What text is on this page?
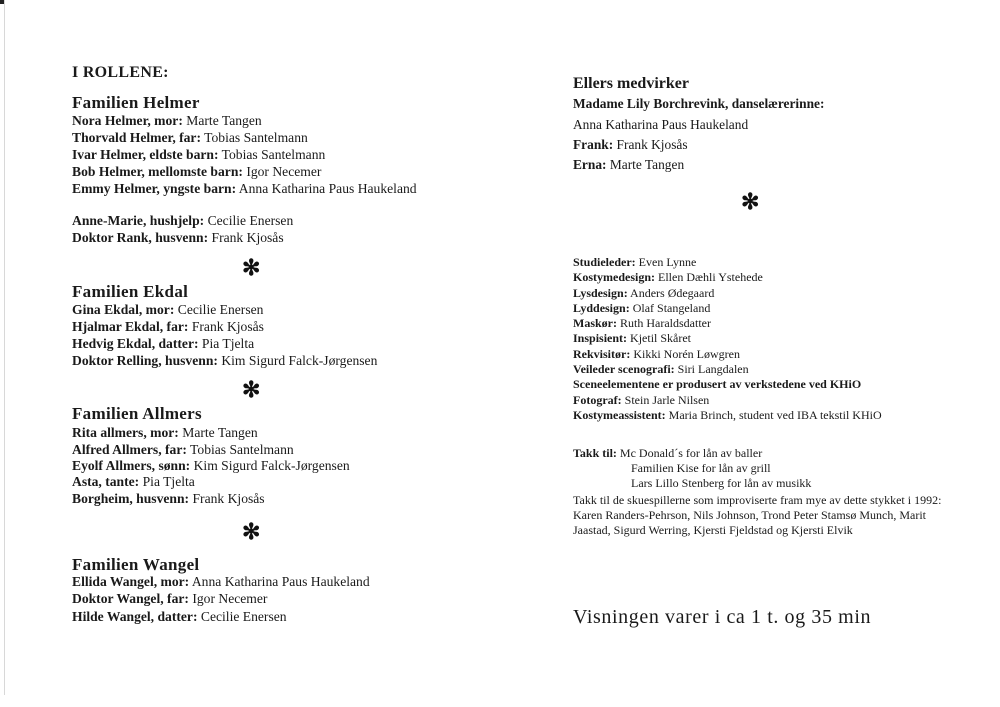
I ROLLENE:
Familien Helmer
Nora Helmer, mor: Marte Tangen
Thorvald Helmer, far: Tobias Santelmann
Ivar Helmer, eldste barn: Tobias Santelmann
Bob Helmer, mellomste barn: Igor Necemer
Emmy Helmer, yngste barn: Anna Katharina Paus Haukeland
Anne-Marie, hushjelp: Cecilie Enersen
Doktor Rank, husvenn: Frank Kjosås
✻
Familien Ekdal
Gina Ekdal, mor: Cecilie Enersen
Hjalmar Ekdal, far: Frank Kjosås
Hedvig Ekdal, datter: Pia Tjelta
Doktor Relling, husvenn: Kim Sigurd Falck-Jørgensen
✻
Familien Allmers
Rita allmers, mor: Marte Tangen
Alfred Allmers, far: Tobias Santelmann
Eyolf Allmers, sønn: Kim Sigurd Falck-Jørgensen
Asta, tante: Pia Tjelta
Borgheim, husvenn: Frank Kjosås
✻
Familien Wangel
Ellida Wangel, mor: Anna Katharina Paus Haukeland
Doktor Wangel, far: Igor Necemer
Hilde Wangel, datter: Cecilie Enersen
Ellers medvirker
Madame Lily Borchrevink, danselærerinne:
Anna Katharina Paus Haukeland
Frank: Frank Kjosås
Erna: Marte Tangen
✻
Studieleder: Even Lynne
Kostymedesign: Ellen Dæhli Ystehede
Lysdesign: Anders Ødegaard
Lyddesign: Olaf Stangeland
Maskør: Ruth Haraldsdatter
Inspisient: Kjetil Skåret
Rekvisitør: Kikki Norén Løwgren
Veileder scenografi: Siri Langdalen
Sceneelementene er produsert av verkstedene ved KHiO
Fotograf: Stein Jarle Nilsen
Kostymeassistent: Maria Brinch, student ved IBA tekstil KHiO
Takk til: Mc Donald´s for lån av baller
Familien Kise for lån av grill
Lars Lillo Stenberg for lån av musikk
Takk til de skuespillerne som improviserte fram mye av dette stykket i 1992: Karen Randers-Pehrson, Nils Johnson, Trond Peter Stamsø Munch, Marit Jaastad, Sigurd Werring, Kjersti Fjeldstad og Kjersti Elvik
Visningen varer i ca 1 t. og 35 min
